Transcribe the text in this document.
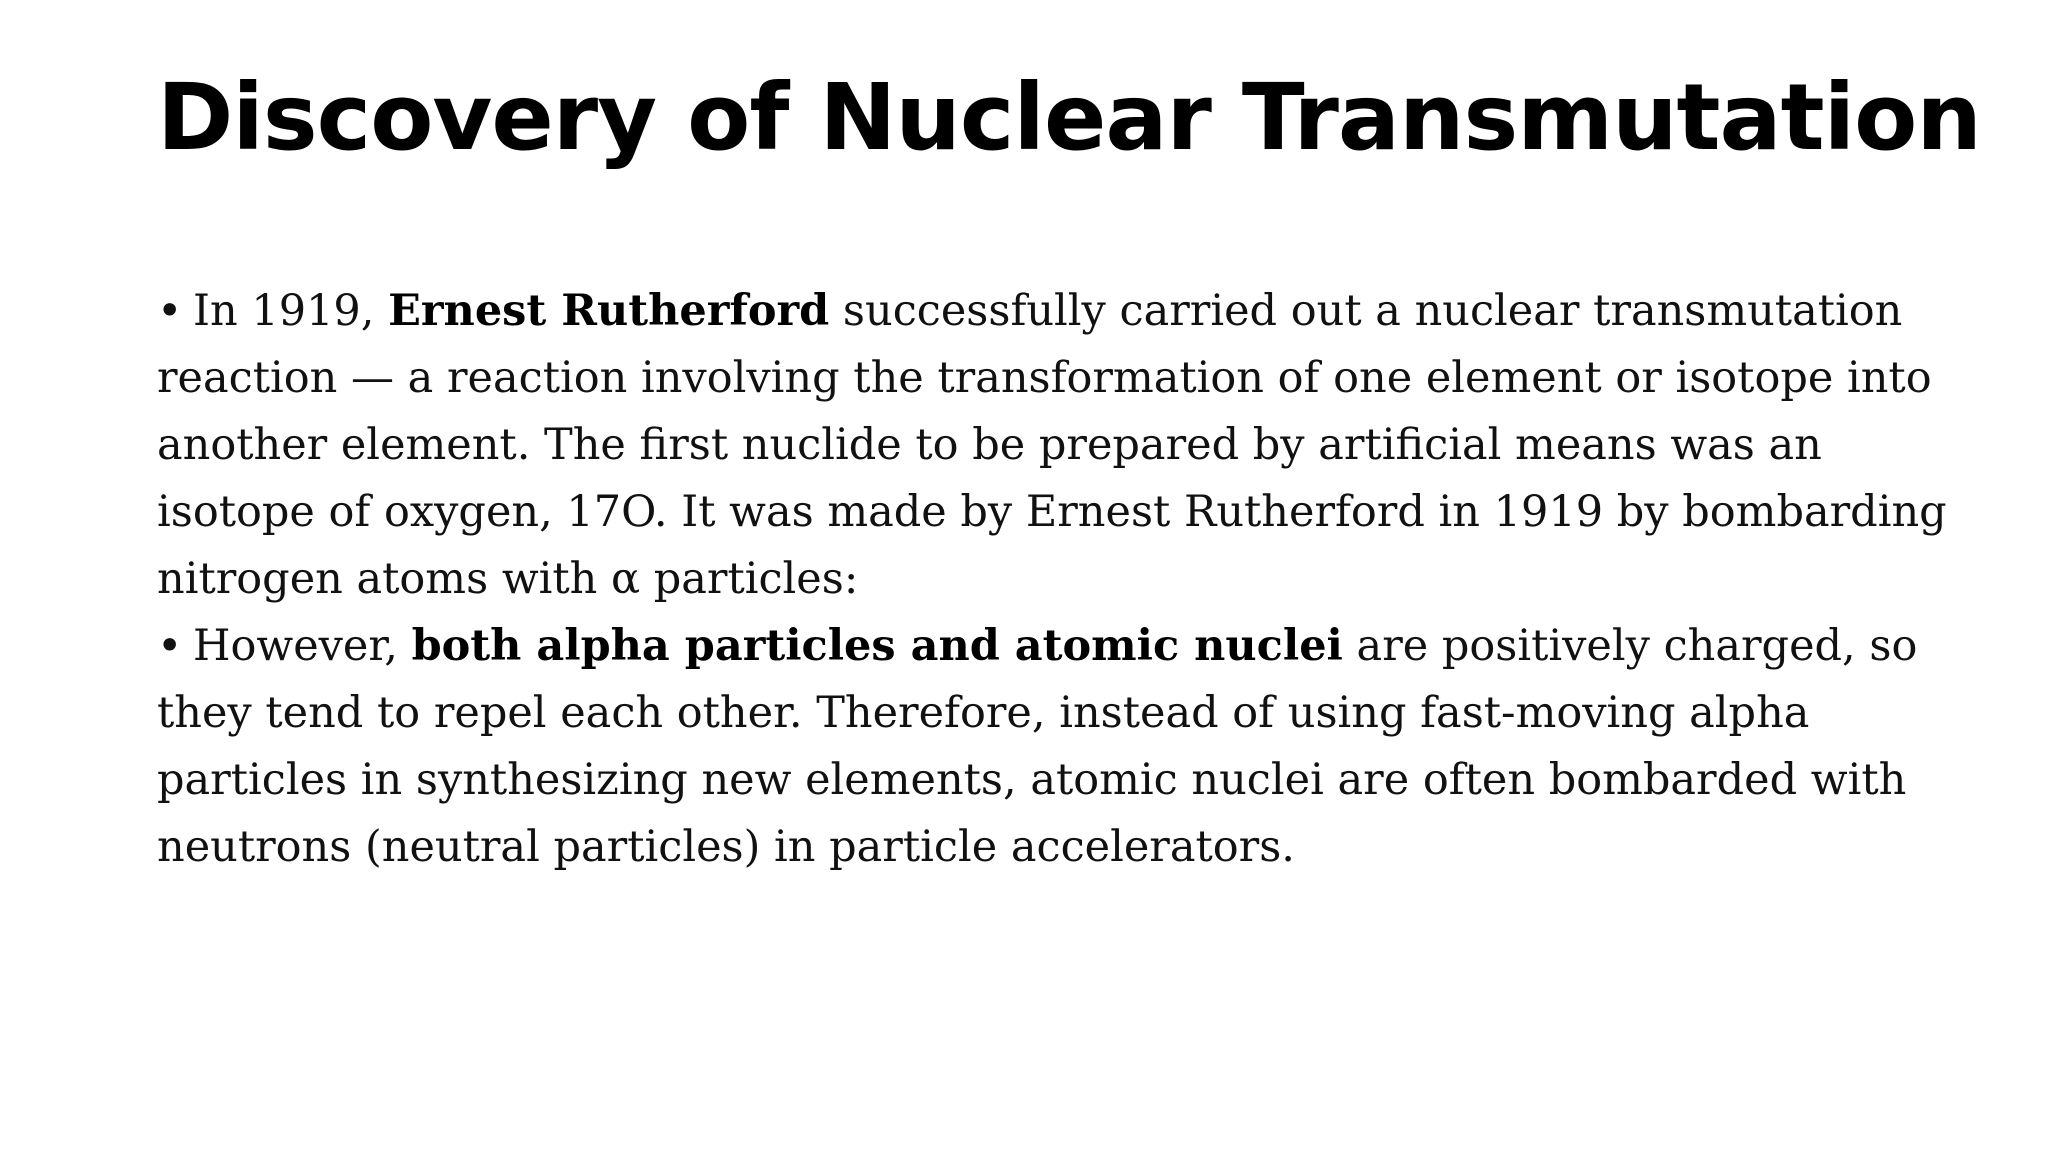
Discovery of Nuclear Transmutation

• In 1919, Ernest Rutherford successfully carried out a nuclear transmutation reaction — a reaction involving the transformation of one element or isotope into another element. The first nuclide to be prepared by artificial means was an isotope of oxygen, 17O. It was made by Ernest Rutherford in 1919 by bombarding nitrogen atoms with α particles:

• However, both alpha particles and atomic nuclei are positively charged, so they tend to repel each other. Therefore, instead of using fast-moving alpha particles in synthesizing new elements, atomic nuclei are often bombarded with neutrons (neutral particles) in particle accelerators.
